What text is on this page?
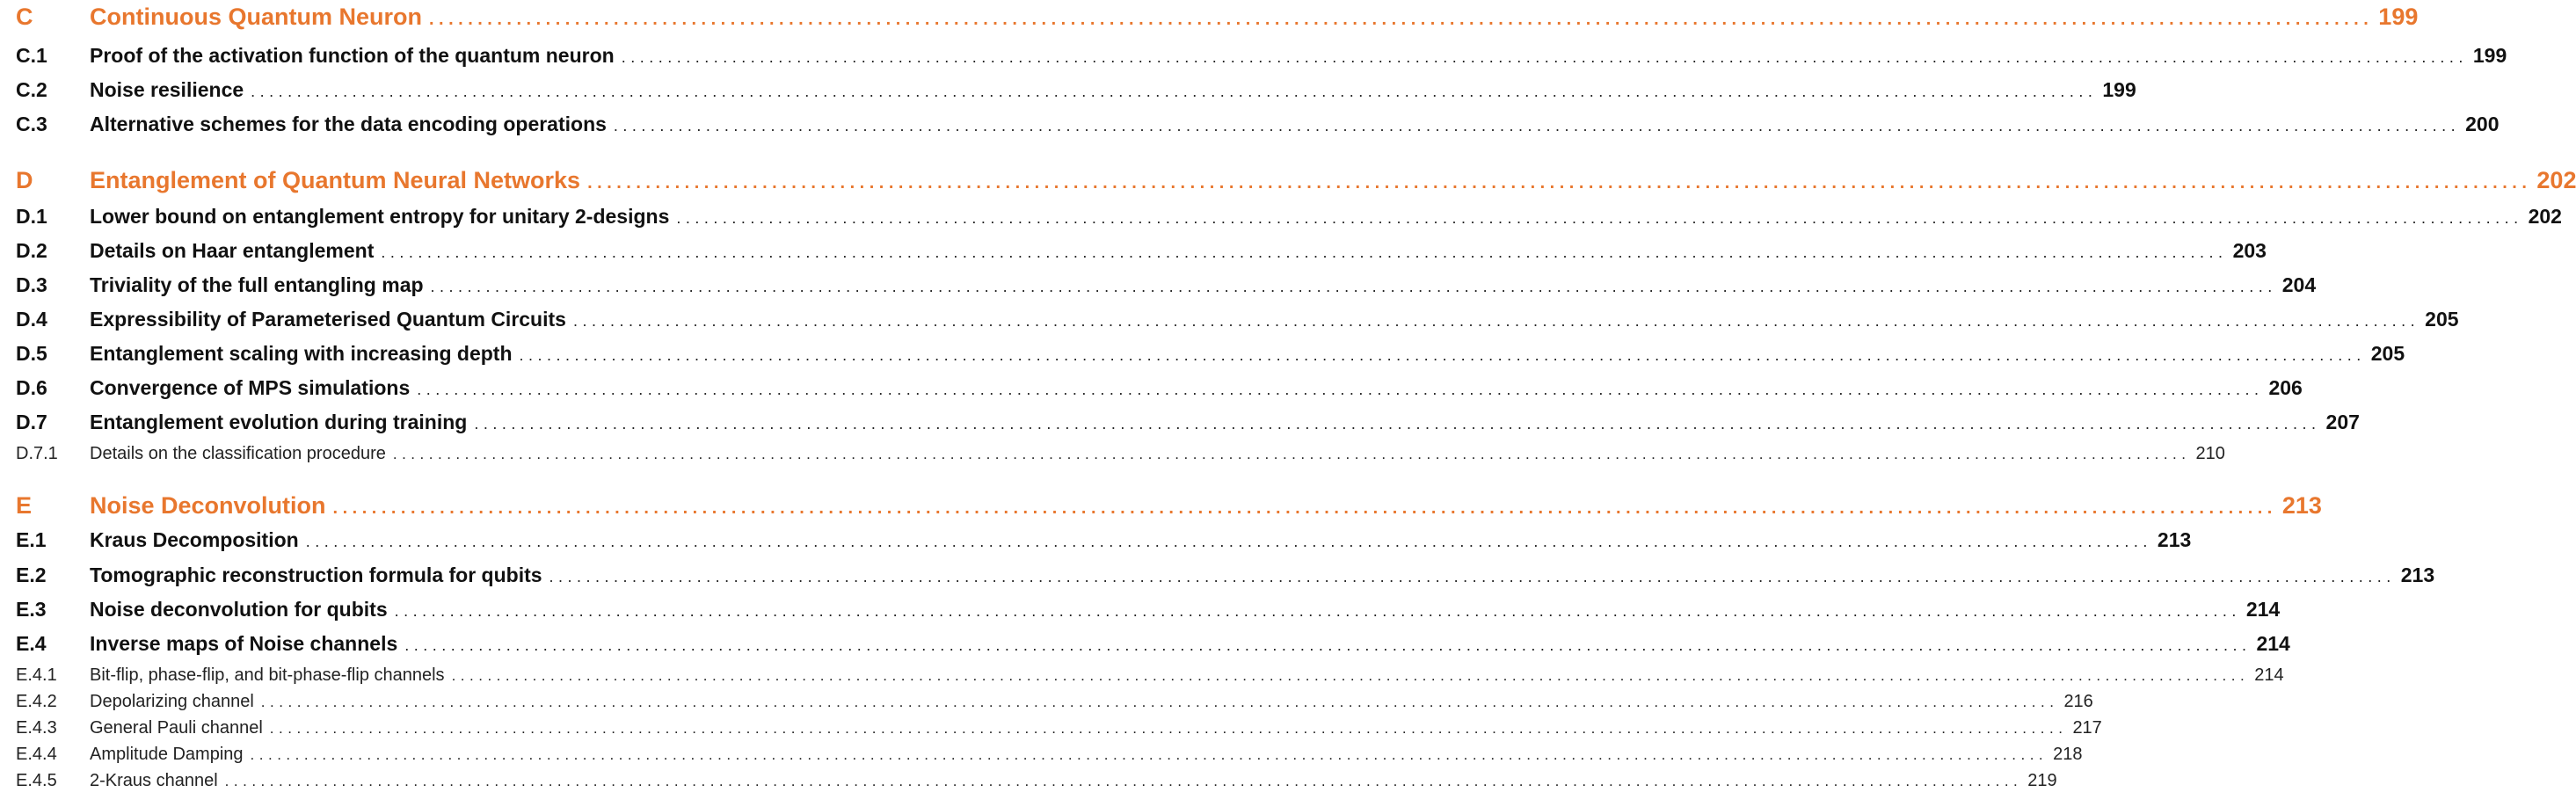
C	Continuous Quantum Neuron ........................................................................................................................................................................................................ 199
C.1	Proof of the activation function of the quantum neuron ........................................................................................................................................................................................................ 199
C.2	Noise resilience ........................................................................................................................................................................................................ 199
C.3	Alternative schemes for the data encoding operations ........................................................................................................................................................................................................ 200
D	Entanglement of Quantum Neural Networks ........................................................................................................................................................................................................ 202
D.1	Lower bound on entanglement entropy for unitary 2-designs ........................................................................................................................................................................................................ 202
D.2	Details on Haar entanglement ........................................................................................................................................................................................................ 203
D.3	Triviality of the full entangling map ........................................................................................................................................................................................................ 204
D.4	Expressibility of Parameterised Quantum Circuits ........................................................................................................................................................................................................ 205
D.5	Entanglement scaling with increasing depth ........................................................................................................................................................................................................ 205
D.6	Convergence of MPS simulations ........................................................................................................................................................................................................ 206
D.7	Entanglement evolution during training ........................................................................................................................................................................................................ 207
D.7.1	Details on the classification procedure ........................................................................................................................................................................................................ 210
E	Noise Deconvolution ........................................................................................................................................................................................................ 213
E.1	Kraus Decomposition ........................................................................................................................................................................................................ 213
E.2	Tomographic reconstruction formula for qubits ........................................................................................................................................................................................................ 213
E.3	Noise deconvolution for qubits ........................................................................................................................................................................................................ 214
E.4	Inverse maps of Noise channels ........................................................................................................................................................................................................ 214
E.4.1	Bit-flip, phase-flip, and bit-phase-flip channels ........................................................................................................................................................................................................ 214
E.4.2	Depolarizing channel ........................................................................................................................................................................................................ 216
E.4.3	General Pauli channel ........................................................................................................................................................................................................ 217
E.4.4	Amplitude Damping ........................................................................................................................................................................................................ 218
E.4.5	2-Kraus channel ........................................................................................................................................................................................................ 219
